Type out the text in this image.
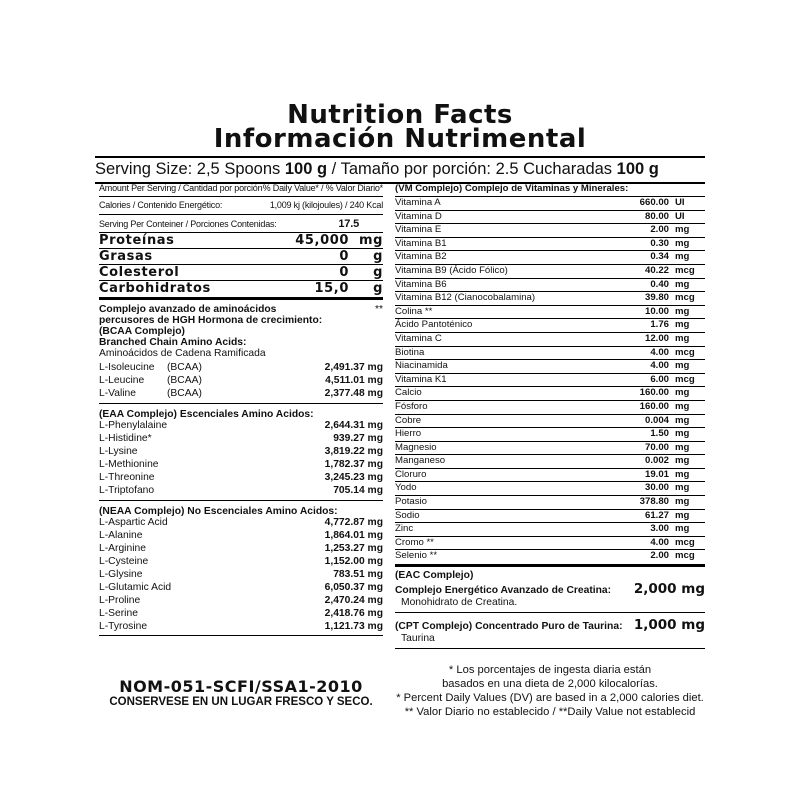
Nutrition Facts
Información Nutrimental
Serving Size: 2,5 Spoons 100 g / Tamaño por porción: 2.5 Cucharadas 100 g
Amount Per Serving / Cantidad por porción % Daily Value* / % Valor Diario*
Calories / Contenido Energético:	1,009 kj (kilojoules) / 240 Kcal
Serving Per Conteiner / Porciones Contenidas:	17.5
Proteínas	45,000 mg
Grasas	0	g
Colesterol	0	g
Carbohidratos	15,0	g
Complejo avanzado de aminoácidos	**
percusores de HGH Hormona de crecimiento:
(BCAA Complejo)
Branched Chain Amino Acids:
Aminoácidos de Cadena Ramificada
L-Isoleucine	(BCAA)	2,491.37 mg
L-Leucine	(BCAA)	4,511.01 mg
L-Valine	(BCAA)	2,377.48 mg
(EAA Complejo) Escenciales Amino Acidos:
L-Phenylalaine	2,644.31 mg
L-Histidine*	939.27 mg
L-Lysine	3,819.22 mg
L-Methionine	1,782.37 mg
L-Threonine	3,245.23 mg
L-Triptofano	705.14 mg
(NEAA Complejo) No Escenciales Amino Acidos:
L-Aspartic Acid	4,772.87 mg
L-Alanine	1,864.01 mg
L-Arginine	1,253.27 mg
L-Cysteine	1,152.00 mg
L-Glysine	783.51 mg
L-Glutamic Acid	6,050.37 mg
L-Proline	2,470.24 mg
L-Serine	2,418.76 mg
L-Tyrosine	1,121.73 mg
NOM-051-SCFI/SSA1-2010
CONSERVESE EN UN LUGAR FRESCO Y SECO.
(VM Complejo) Complejo de Vitaminas y Minerales:
Vitamina A	660.00 UI
Vitamina D	80.00 UI
Vitamina E	2.00 mg
Vitamina B1	0.30 mg
Vitamina B2	0.34 mg
Vitamina B9 (Ácido Fólico)	40.22 mcg
Vitamina B6	0.40 mg
Vitamina B12 (Cianocobalamina)	39.80 mcg
Colina **	10.00 mg
Ácido Pantoténico	1.76 mg
Vitamina C	12.00 mg
Biotina	4.00 mcg
Niacinamida	4.00 mg
Vitamina K1	6.00 mcg
Calcio	160.00 mg
Fósforo	160.00 mg
Cobre	0.004 mg
Hierro	1.50 mg
Magnesio	70.00 mg
Manganeso	0.002 mg
Cloruro	19.01 mg
Yodo	30.00 mg
Potasio	378.80 mg
Sodio	61.27 mg
Zinc	3.00 mg
Cromo **	4.00 mcg
Selenio **	2.00 mcg
(EAC Complejo)
Complejo Energético Avanzado de Creatina:	2,000 mg
Monohidrato de Creatina.
(CPT Complejo) Concentrado Puro de Taurina: 1,000 mg
Taurina
* Los porcentajes de ingesta diaria están
basados en una dieta de 2,000 kilocalorías.
* Percent Daily Values (DV) are based in a 2,000 calories diet.
** Valor Diario no establecido / **Daily Value not establecid
